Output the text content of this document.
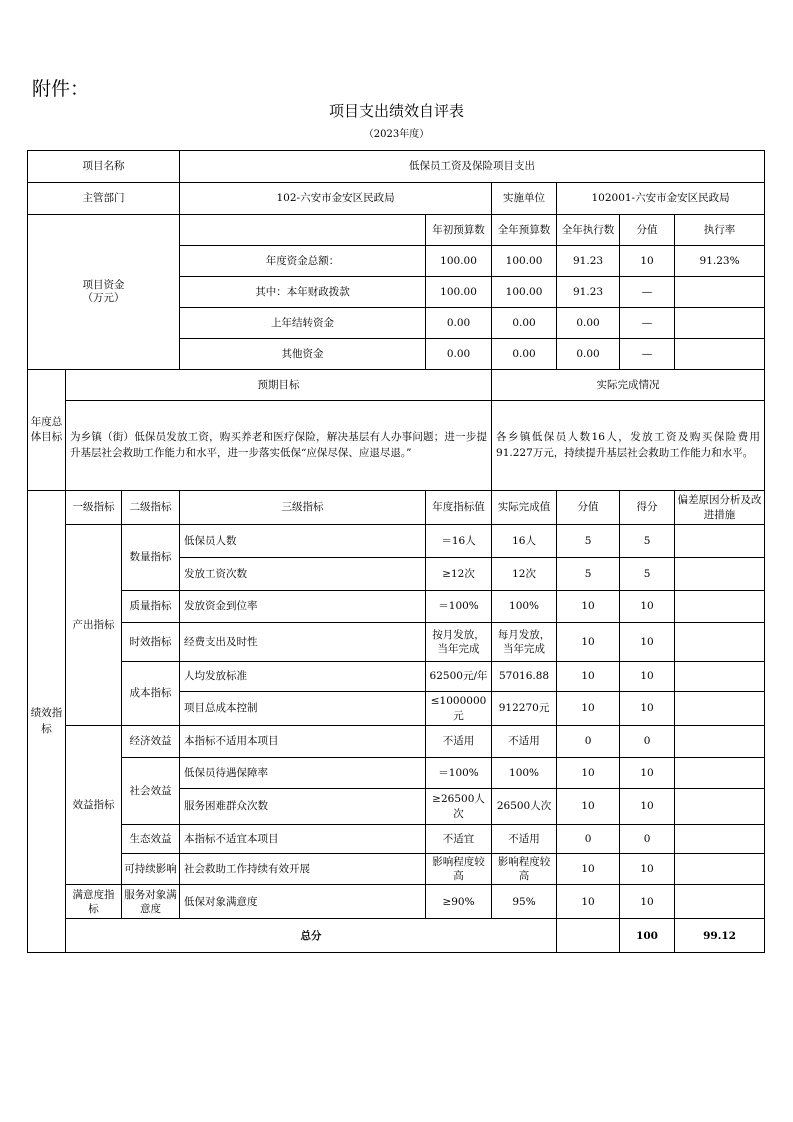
附件：
项目支出绩效自评表
（2023年度）
项目名称			低保员工资及保险项目支出						
主管部门			102-六安市金安区民政局		实施单位	102001-六安市金安区民政局			

项目资金
（万元）				年初预算数	全年预算数	全年执行数	分值	执行率	
			年度资金总额：	100.00	100.00	91.23	10	91.23%	
			其中：本年财政拨款	100.00	100.00	91.23	—		
			上年结转资金	0.00	0.00	0.00	—		
			其他资金	0.00	0.00	0.00	—		
年度总体目标	预期目标				实际完成情况				
	为乡镇（街）低保员发放工资，购买养老和医疗保险，解决基层有人办事问题；进一步提升基层社会救助工作能力和水平，进一步落实低保“应保尽保、应退尽退。”				各乡镇低保员人数16人，发放工资及购买保险费用91.227万元，持续提升基层社会救助工作能力和水平。				
绩效指标	一级指标	二级指标	三级指标	年度指标值	实际完成值	分值	得分	偏差原因分析及改进措施	
	产出指标	数量指标	低保员人数	＝16人	16人	5	5		
			发放工资次数	≥12次	12次	5	5		
		质量指标	发放资金到位率	＝100%	100%	10	10		
		时效指标	经费支出及时性	按月发放，当年完成	每月发放，当年完成	10	10		
		成本指标	人均发放标准	62500元/年	57016.88	10	10		
			项目总成本控制	≤1000000元	912270元	10	10		
	效益指标	经济效益	本指标不适用本项目	不适用	不适用	0	0		
		社会效益	低保员待遇保障率	＝100%	100%	10	10		
			服务困难群众次数	≥26500人次	26500人次	10	10		
		生态效益	本指标不适宜本项目	不适宜	不适用	0	0		
		可持续影响	社会救助工作持续有效开展	影响程度较高	影响程度较高	10	10		
	满意度指标	服务对象满意度	低保对象满意度	≥90%	95%	10	10		
	总分						100	99.12	
